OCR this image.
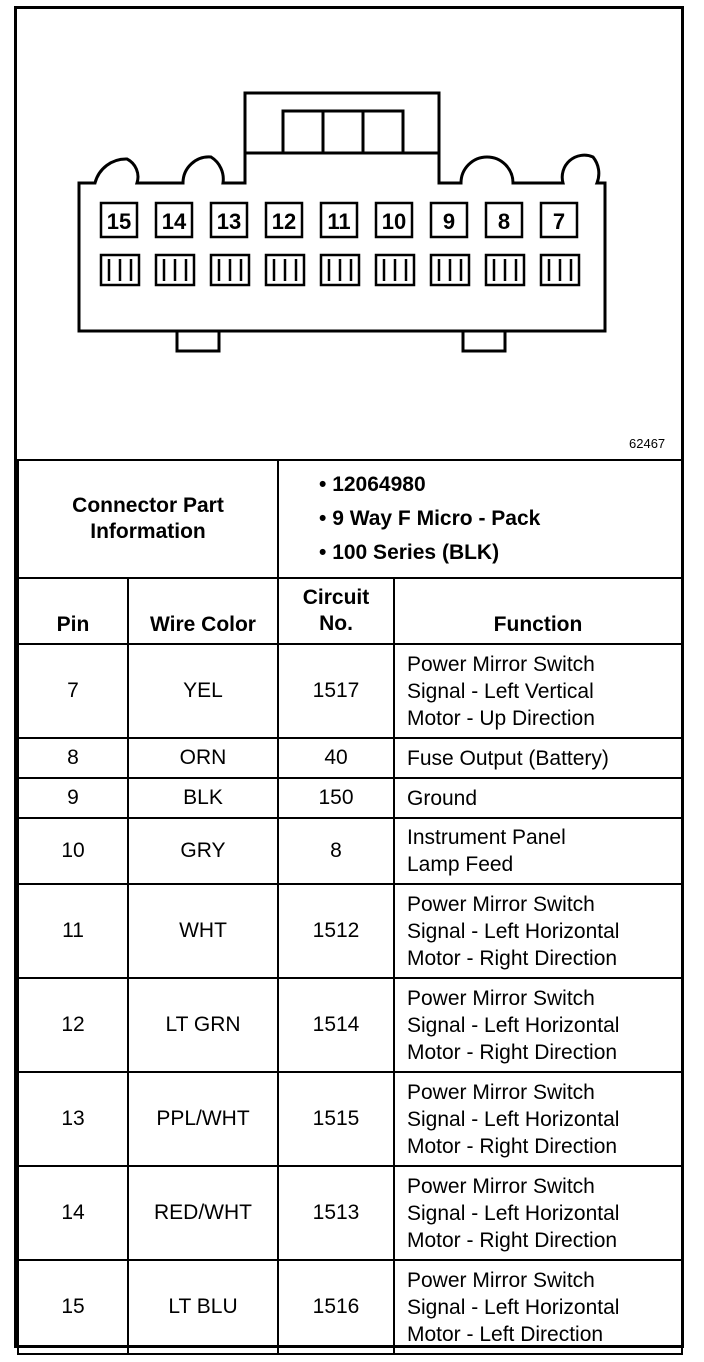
15 14 13 12 11 10 9 8 7
62467
Connector Part Information		• 12064980
• 9 Way F Micro - Pack
• 100 Series (BLK)	

Pin	Wire Color	Circuit No.	Function
7	YEL	1517	Power Mirror Switch
Signal - Left Vertical
Motor - Up Direction

8	ORN	40	Fuse Output (Battery)

9	BLK	150	Ground

10	GRY	8	Instrument Panel
Lamp Feed

11	WHT	1512	Power Mirror Switch
Signal - Left Horizontal
Motor - Right Direction

12	LT GRN	1514	Power Mirror Switch
Signal - Left Horizontal
Motor - Right Direction

13	PPL/WHT	1515	Power Mirror Switch
Signal - Left Horizontal
Motor - Right Direction

14	RED/WHT	1513	Power Mirror Switch
Signal - Left Horizontal
Motor - Right Direction

15	LT BLU	1516	Power Mirror Switch
Signal - Left Horizontal
Motor - Left Direction
